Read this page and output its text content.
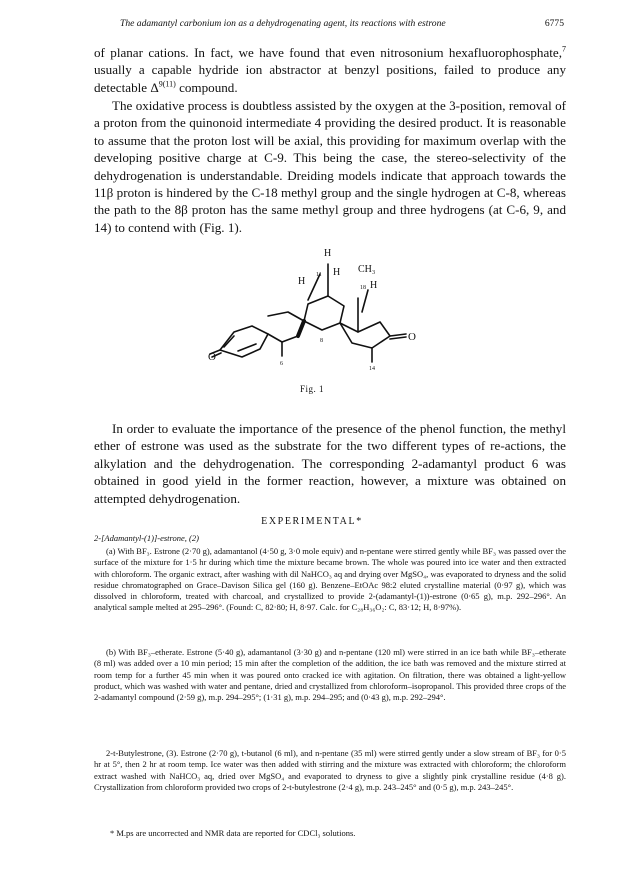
The adamantyl carbonium ion as a dehydrogenating agent, its reactions with estrone	6775

of planar cations. In fact, we have found that even nitrosonium hexafluorophosphate,$^7$ usually a capable hydride ion abstractor at benzyl positions, failed to produce any detectable $\Delta^{9(11)}$ compound.

The oxidative process is doubtless assisted by the oxygen at the 3-position, removal of a proton from the quinonoid intermediate 4 providing the desired product. It is reasonable to assume that the proton lost will be axial, this providing for maximum overlap with the developing positive charge at C-9. This being the case, the stereo-selectivity of the dehydrogenation is understandable. Dreiding models indicate that approach towards the 11β proton is hindered by the C-18 methyl group and the single hydrogen at C-8, whereas the path to the 8β proton has the same methyl group and three hydrogens (at C-6, 9, and 14) to contend with (Fig. 1).

H
11 H
H
CH₃
18 H
8
6
14
O
O
Fig. 1

In order to evaluate the importance of the presence of the phenol function, the methyl ether of estrone was used as the substrate for the two different types of re-actions, the alkylation and the dehydrogenation. The corresponding 2-adamantyl product 6 was obtained in good yield in the former reaction, however, a mixture was obtained on attempted dehydrogenation.

EXPERIMENTAL*

2-[Adamantyl-(1)]-estrone, (2)

(a) With BF₃. Estrone (2·70 g), adamantanol (4·50 g, 3·0 mole equiv) and n-pentane were stirred gently while BF₃ was passed over the surface of the mixture for 1·5 hr during which time the mixture became brown. The whole was poured into ice water and then extracted with chloroform. The organic extract, after washing with dil NaHCO₃ aq and drying over MgSO₄, was evaporated to dryness and the solid residue chromatographed on Grace–Davison Silica gel (160 g). Benzene–EtOAc 98:2 eluted crystalline material (0·97 g), which was dissolved in chloroform, treated with charcoal, and crystallized to provide 2-(adamantyl-(1))-estrone (0·65 g), m.p. 292–296°. An analytical sample melted at 295–296°. (Found: C, 82·80; H, 8·97. Calc. for C₂₈H₃₆O₂: C, 83·12; H, 8·97%).

(b) With BF₃–etherate. Estrone (5·40 g), adamantanol (3·30 g) and n-pentane (120 ml) were stirred in an ice bath while BF₃–etherate (8 ml) was added over a 10 min period; 15 min after the completion of the addition, the ice bath was removed and the mixture stirred at room temp for a further 45 min when it was poured onto cracked ice with agitation. On filtration, there was obtained a light-yellow product, which was washed with water and pentane, dried and crystallized from chloroform–isopropanol. This provided three crops of the 2-adamantyl compound (2·59 g), m.p. 294–295°; (1·31 g), m.p. 294–295; and (0·43 g), m.p. 292–294°.

2-t-Butylestrone, (3). Estrone (2·70 g), t-butanol (6 ml), and n-pentane (35 ml) were stirred gently under a slow stream of BF₃ for 0·5 hr at 5°, then 2 hr at room temp. Ice water was then added with stirring and the mixture was extracted with chloroform; the chloroform extract washed with NaHCO₃ aq, dried over MgSO₄ and evaporated to dryness to give a slightly pink crystalline residue (4·8 g). Crystallization from chloroform provided two crops of 2-t-butylestrone (2·4 g), m.p. 243–245° and (0·5 g), m.p. 243–245°.

* M.ps are uncorrected and NMR data are reported for CDCl₃ solutions.
